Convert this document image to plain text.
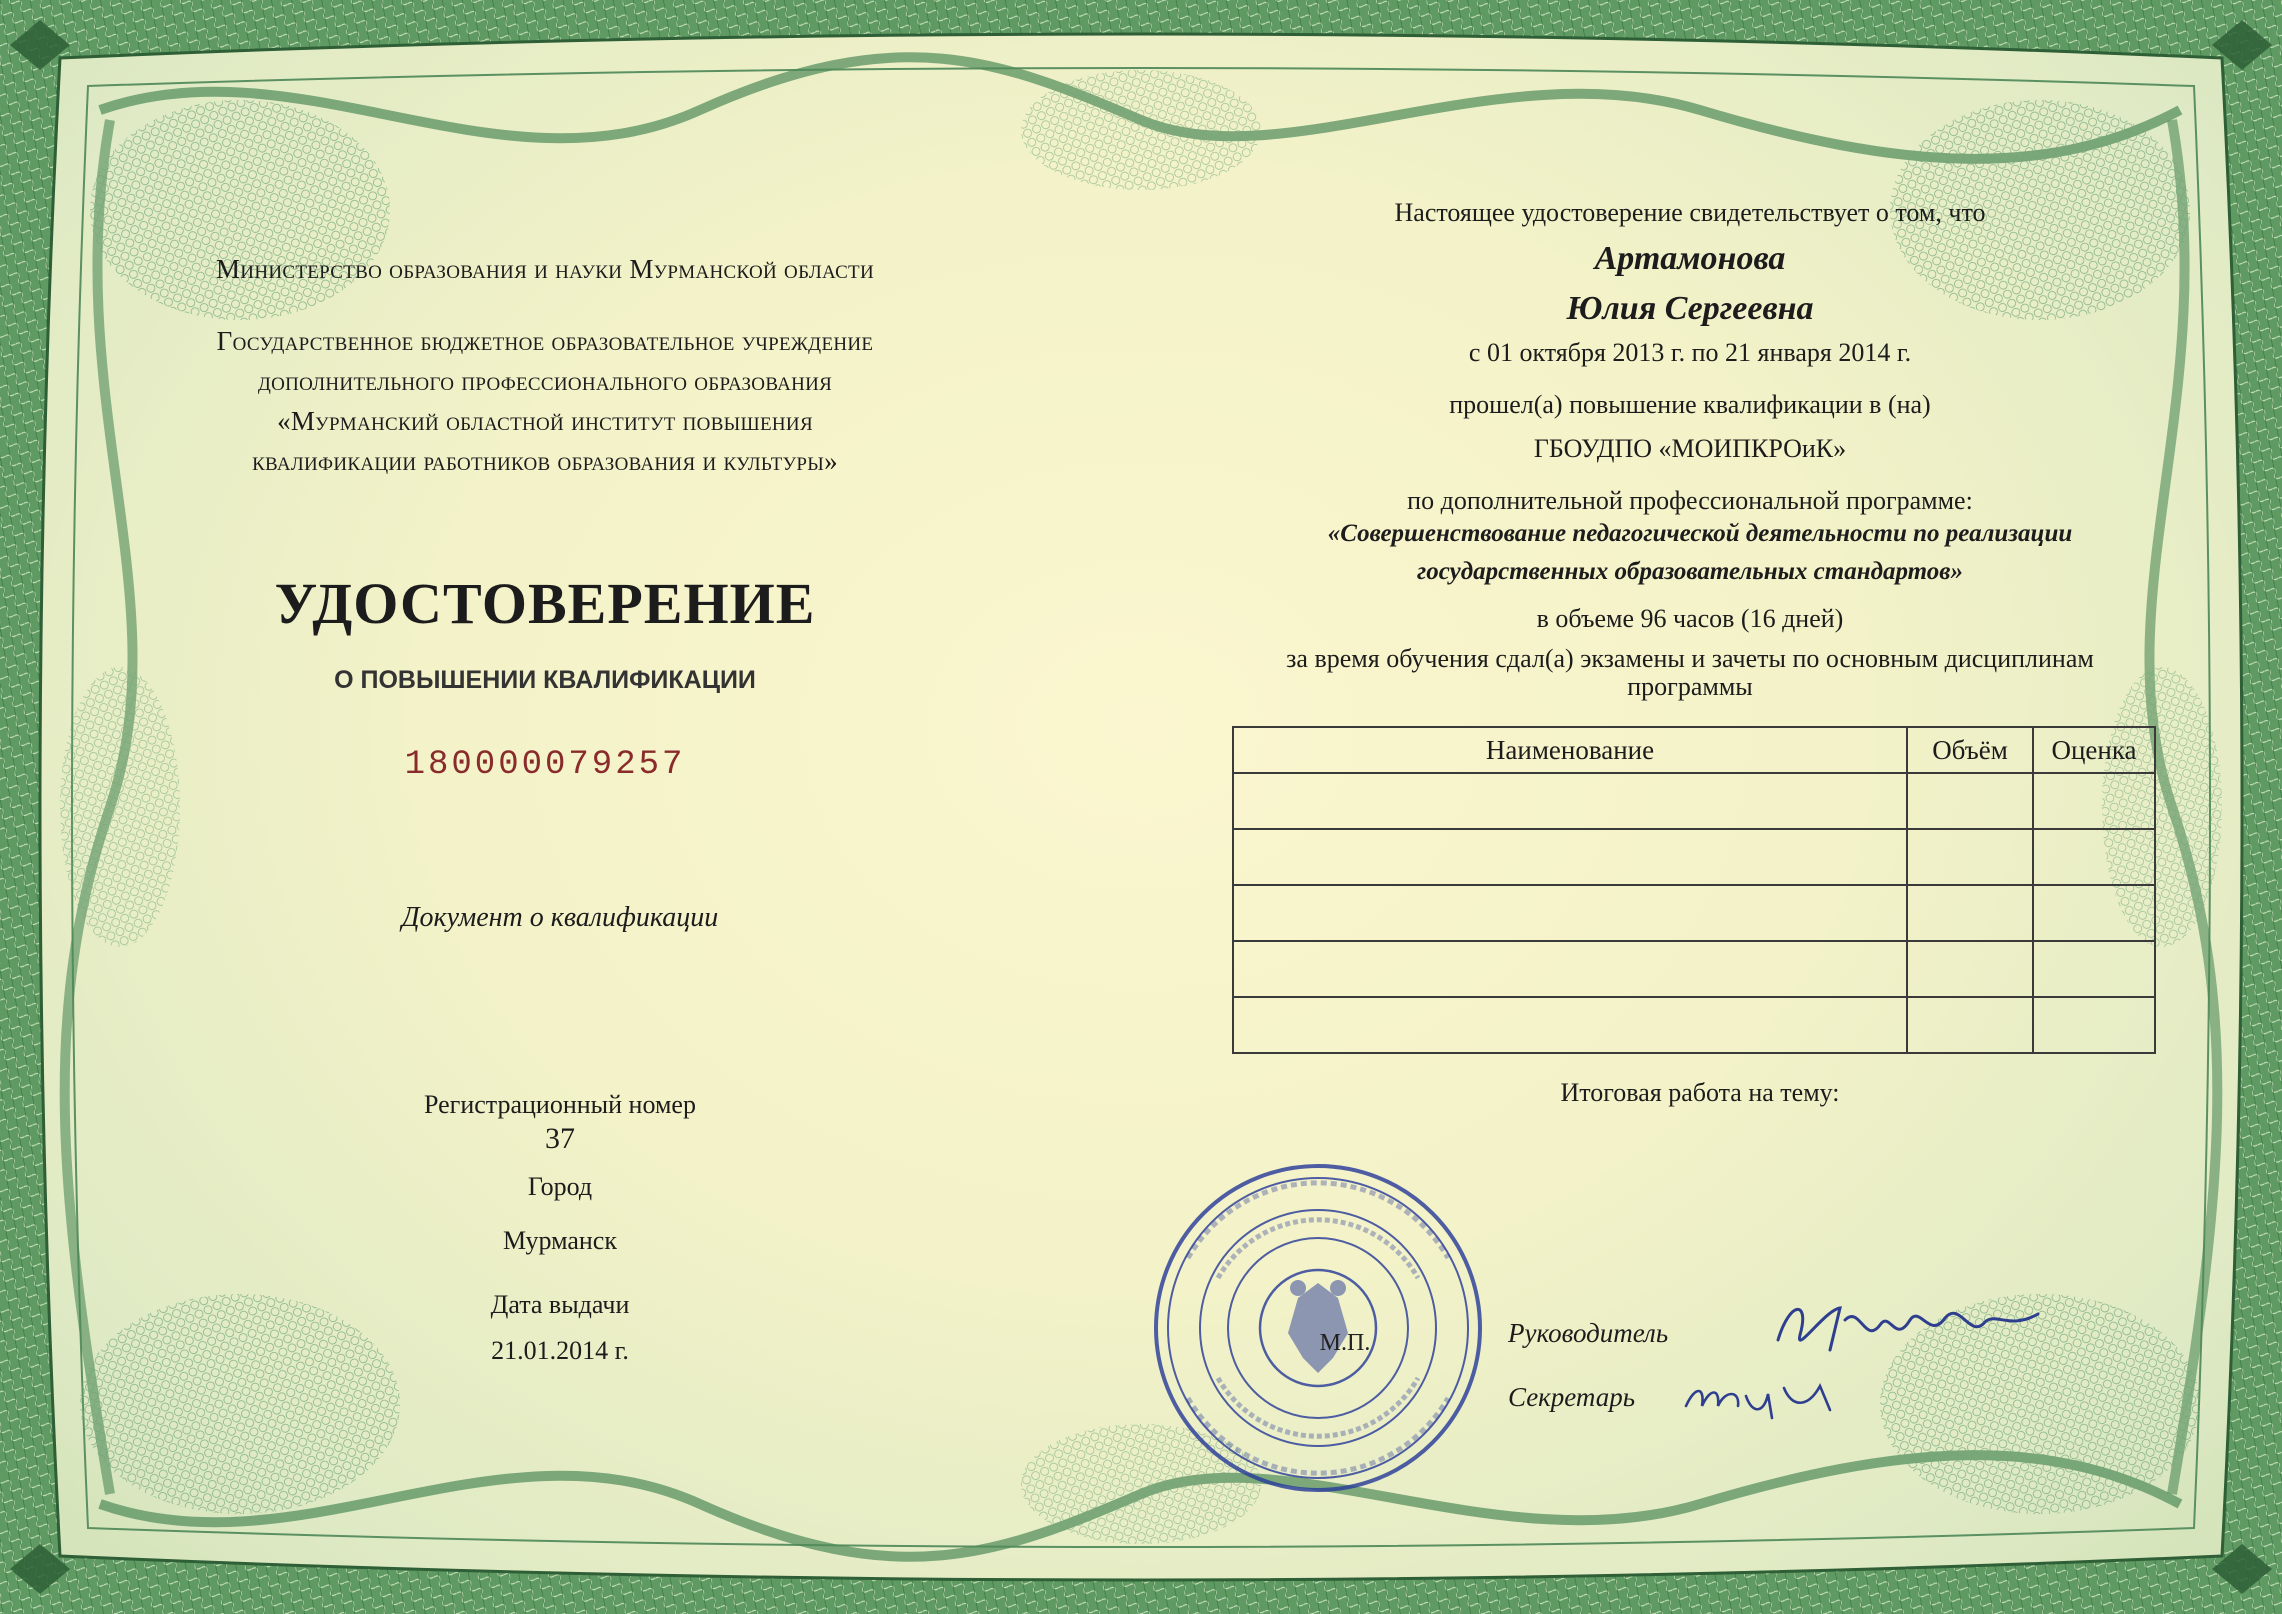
Министерство образования и науки Мурманской области
Государственное бюджетное образовательное учреждение
дополнительного профессионального образования
«Мурманский областной институт повышения
квалификации работников образования и культуры»
УДОСТОВЕРЕНИЕ
О ПОВЫШЕНИИ КВАЛИФИКАЦИИ
180000079257
Документ о квалификации
Регистрационный номер
37
Город
Мурманск
Дата выдачи
21.01.2014 г.
Настоящее удостоверение свидетельствует о том, что
Артамонова
Юлия Сергеевна
с 01 октября 2013 г. по 21 января 2014 г.
прошел(а) повышение квалификации в (на)
ГБОУДПО «МОИПКРОиК»
по дополнительной профессиональной программе:
«Совершенствование педагогической деятельности по реализации
государственных образовательных стандартов»
в объеме 96 часов (16 дней)
за время обучения сдал(а) экзамены и зачеты по основным дисциплинам
программы
Наименование	Объём	Оценка

Итоговая работа на тему:
М.П.	Руководитель
Секретарь
